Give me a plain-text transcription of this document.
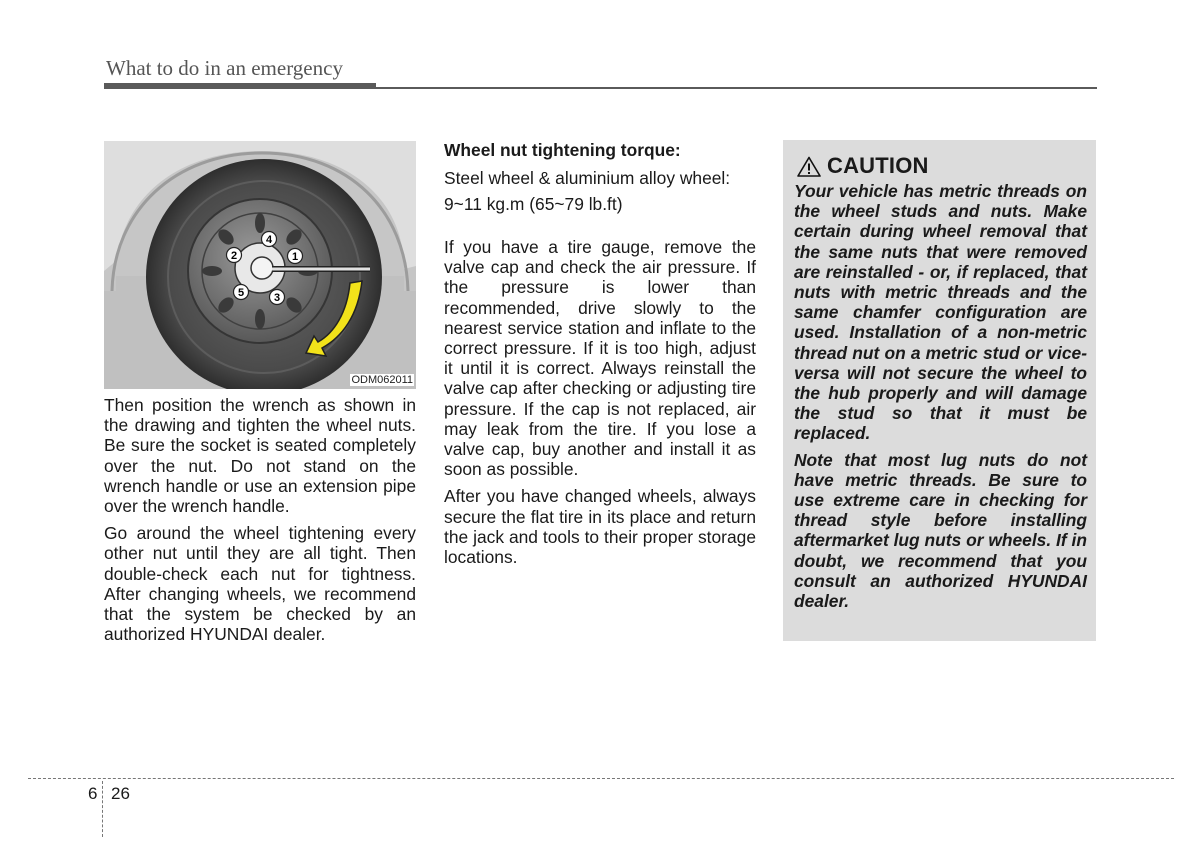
What to do in an emergency
1
2
3
4
5
ODM062011

Then position the wrench as shown in the drawing and tighten the wheel nuts. Be sure the socket is seated completely over the nut. Do not stand on the wrench handle or use an extension pipe over the wrench handle.

Go around the wheel tightening every other nut until they are all tight. Then double-check each nut for tightness. After changing wheels, we recommend that the system be checked by an authorized HYUNDAI dealer.

Wheel nut tightening torque:

Steel wheel & aluminium alloy wheel:

9~11 kg.m (65~79 lb.ft)

If you have a tire gauge, remove the valve cap and check the air pressure. If the pressure is lower than recommended, drive slowly to the nearest service station and inflate to the correct pressure. If it is too high, adjust it until it is correct. Always reinstall the valve cap after checking or adjusting tire pressure. If the cap is not replaced, air may leak from the tire. If you lose a valve cap, buy another and install it as soon as possible.

After you have changed wheels, always secure the flat tire in its place and return the jack and tools to their proper storage locations.

CAUTION

Your vehicle has metric threads on the wheel studs and nuts. Make certain during wheel removal that the same nuts that were removed are reinstalled - or, if replaced, that nuts with metric threads and the same chamfer configuration are used. Installation of a non-metric thread nut on a metric stud or vice-versa will not secure the wheel to the hub properly and will damage the stud so that it must be replaced.

Note that most lug nuts do not have metric threads. Be sure to use extreme care in checking for thread style before installing aftermarket lug nuts or wheels. If in doubt, we recommend that you consult an authorized HYUNDAI dealer.

6 26
